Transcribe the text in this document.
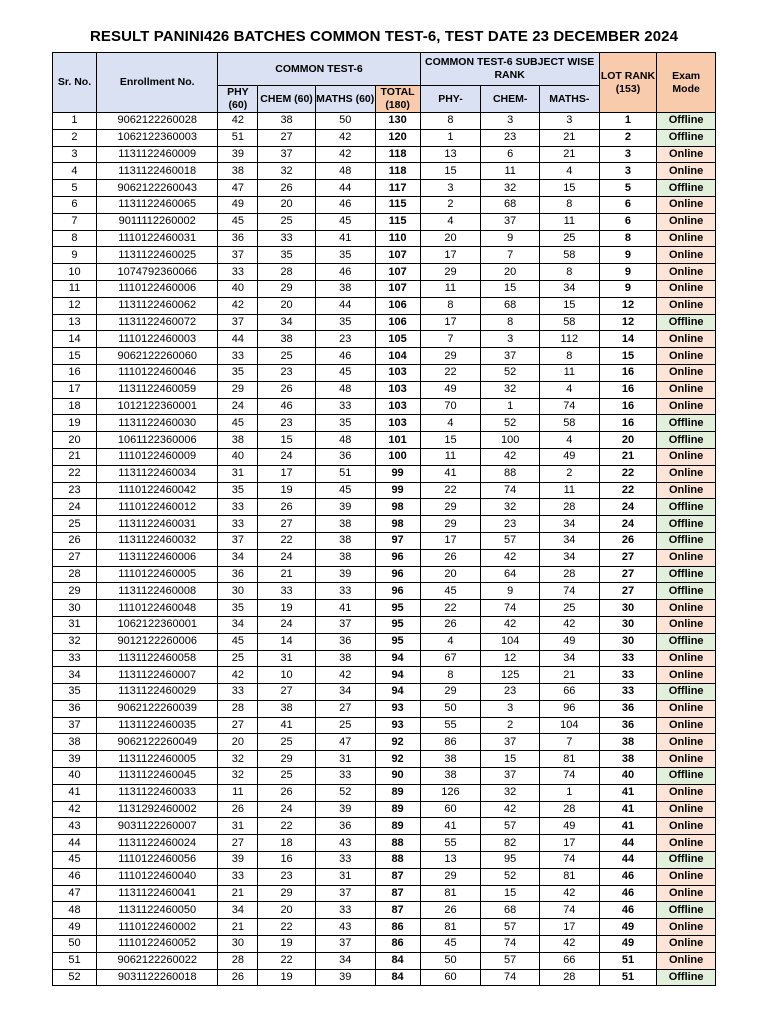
RESULT PANINI426 BATCHES COMMON TEST-6, TEST DATE 23 DECEMBER 2024
Sr. No.	Enrollment No.	COMMON TEST-6				COMMON TEST-6 SUBJECT WISE RANK			LOT RANK (153)	Exam Mode
		PHY (60)	CHEM (60)	MATHS (60)	TOTAL (180)	PHY-	CHEM-	MATHS-		
1	9062122260028	42	38	50	130	8	3	3	1	Offline
2	1062122360003	51	27	42	120	1	23	21	2	Offline
3	1131122460009	39	37	42	118	13	6	21	3	Online
4	1131122460018	38	32	48	118	15	11	4	3	Online
5	9062122260043	47	26	44	117	3	32	15	5	Offline
6	1131122460065	49	20	46	115	2	68	8	6	Online
7	9011112260002	45	25	45	115	4	37	11	6	Online
8	1110122460031	36	33	41	110	20	9	25	8	Online
9	1131122460025	37	35	35	107	17	7	58	9	Online
10	1074792360066	33	28	46	107	29	20	8	9	Online
11	1110122460006	40	29	38	107	11	15	34	9	Online
12	1131122460062	42	20	44	106	8	68	15	12	Online
13	1131122460072	37	34	35	106	17	8	58	12	Offline
14	1110122460003	44	38	23	105	7	3	112	14	Online
15	9062122260060	33	25	46	104	29	37	8	15	Online
16	1110122460046	35	23	45	103	22	52	11	16	Online
17	1131122460059	29	26	48	103	49	32	4	16	Online
18	1012122360001	24	46	33	103	70	1	74	16	Online
19	1131122460030	45	23	35	103	4	52	58	16	Offline
20	1061122360006	38	15	48	101	15	100	4	20	Offline
21	1110122460009	40	24	36	100	11	42	49	21	Online
22	1131122460034	31	17	51	99	41	88	2	22	Online
23	1110122460042	35	19	45	99	22	74	11	22	Online
24	1110122460012	33	26	39	98	29	32	28	24	Offline
25	1131122460031	33	27	38	98	29	23	34	24	Offline
26	1131122460032	37	22	38	97	17	57	34	26	Offline
27	1131122460006	34	24	38	96	26	42	34	27	Online
28	1110122460005	36	21	39	96	20	64	28	27	Offline
29	1131122460008	30	33	33	96	45	9	74	27	Offline
30	1110122460048	35	19	41	95	22	74	25	30	Online
31	1062122360001	34	24	37	95	26	42	42	30	Online
32	9012122260006	45	14	36	95	4	104	49	30	Offline
33	1131122460058	25	31	38	94	67	12	34	33	Online
34	1131122460007	42	10	42	94	8	125	21	33	Online
35	1131122460029	33	27	34	94	29	23	66	33	Offline
36	9062122260039	28	38	27	93	50	3	96	36	Online
37	1131122460035	27	41	25	93	55	2	104	36	Online
38	9062122260049	20	25	47	92	86	37	7	38	Online
39	1131122460005	32	29	31	92	38	15	81	38	Online
40	1131122460045	32	25	33	90	38	37	74	40	Offline
41	1131122460033	11	26	52	89	126	32	1	41	Online
42	1131292460002	26	24	39	89	60	42	28	41	Online
43	9031122260007	31	22	36	89	41	57	49	41	Online
44	1131122460024	27	18	43	88	55	82	17	44	Online
45	1110122460056	39	16	33	88	13	95	74	44	Offline
46	1110122460040	33	23	31	87	29	52	81	46	Online
47	1131122460041	21	29	37	87	81	15	42	46	Online
48	1131122460050	34	20	33	87	26	68	74	46	Offline
49	1110122460002	21	22	43	86	81	57	17	49	Online
50	1110122460052	30	19	37	86	45	74	42	49	Online
51	9062122260022	28	22	34	84	50	57	66	51	Online
52	9031122260018	26	19	39	84	60	74	28	51	Offline
